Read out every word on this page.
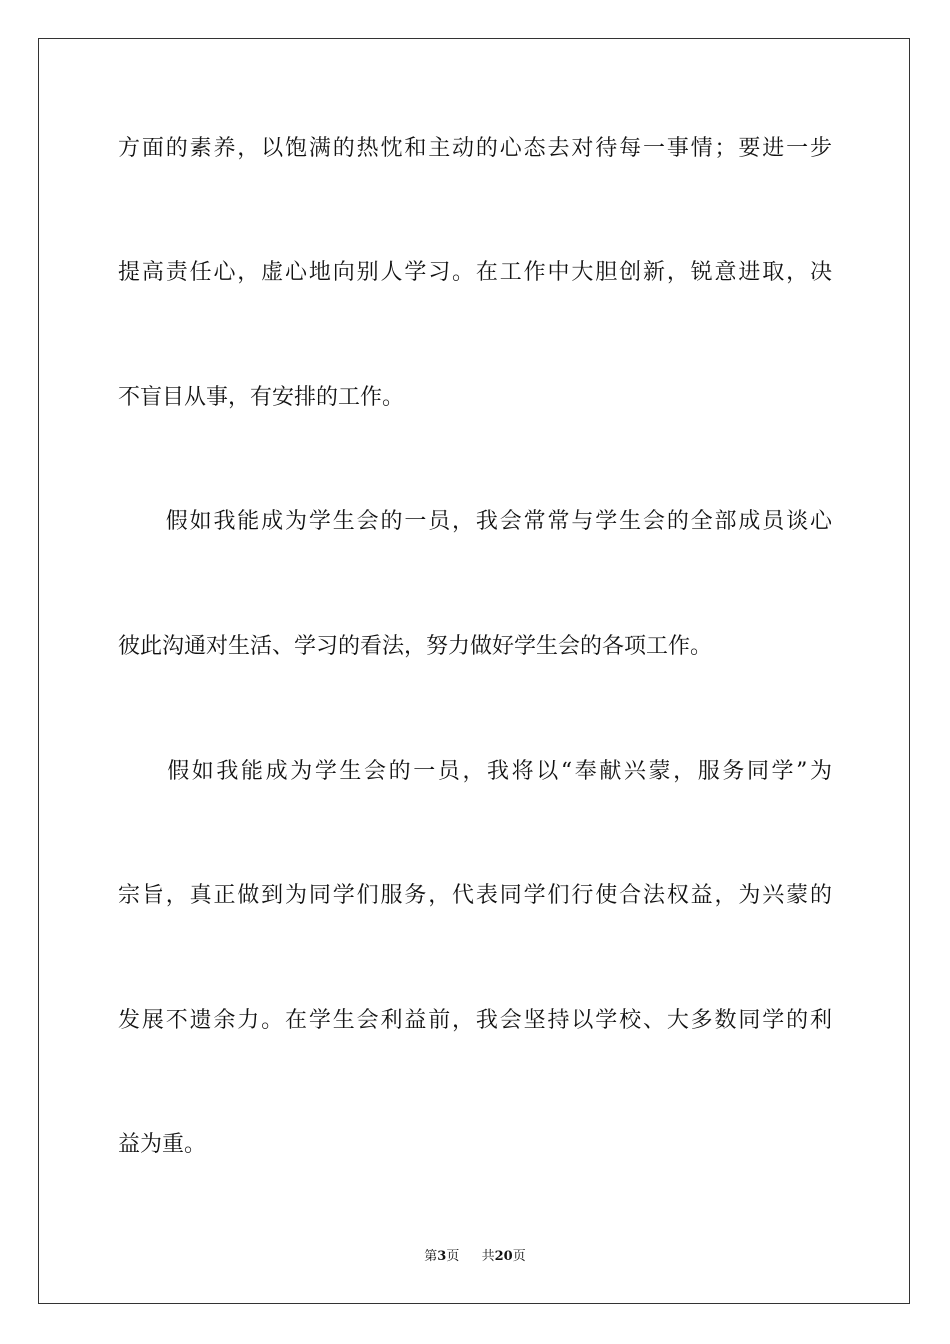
方面的素养，以饱满的热忱和主动的心态去对待每一事情；要进一步
提高责任心，虚心地向别人学习。在工作中大胆创新，锐意进取，决
不盲目从事，有安排的工作。
　　假如我能成为学生会的一员，我会常常与学生会的全部成员谈心
彼此沟通对生活、学习的看法，努力做好学生会的各项工作。
　　假如我能成为学生会的一员，我将以“奉献兴蒙，服务同学”为
宗旨，真正做到为同学们服务，代表同学们行使合法权益，为兴蒙的
发展不遗余力。在学生会利益前，我会坚持以学校、大多数同学的利
益为重。
第3页 共20页
